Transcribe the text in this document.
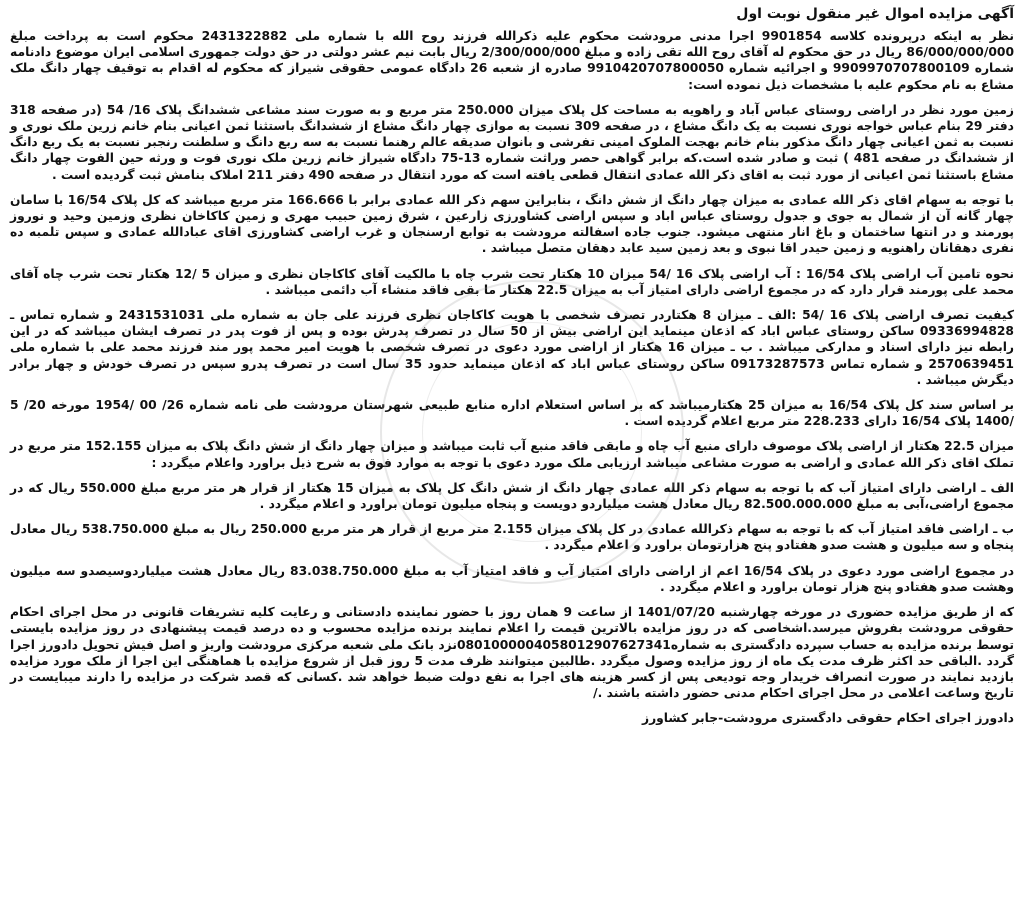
آگهی مزایده اموال غیر منقول نوبت اول

نظر به اینکه درپرونده کلاسه 9901854 اجرا مدنی مرودشت محکوم علیه ذکرالله فرزند روح الله با شماره ملی 2431322882 محکوم است به پرداخت مبلغ 86/000/000/000 ریال در حق محکوم له آقای روح الله تقی زاده و مبلغ 2/300/000/000 ریال بابت نیم عشر دولتی در حق دولت جمهوری اسلامی ایران موضوع دادنامه شماره 9909970707800109 و اجرائیه شماره 9910420707800050 صادره از شعبه 26 دادگاه عمومی حقوقی شیراز که محکوم له اقدام به توقیف چهار دانگ ملک مشاع به نام محکوم علیه با مشخصات ذیل نموده است:

زمین مورد نظر در اراضی روستای عباس آباد و راهویه به مساحت کل پلاک میزان 250.000 متر مربع و به صورت سند مشاعی ششدانگ پلاک 16/ 54 (در صفحه 318 دفتر 29 بنام عباس خواجه نوری نسبت به یک دانگ مشاع ، در صفحه 309 نسبت به موازی چهار دانگ مشاع از ششدانگ باستثنا ثمن اعیانی بنام خانم زرین ملک نوری و نسبت به ثمن اعیانی چهار دانگ مذکور بنام خانم بهجت الملوک امینی تفرشی و بانوان صدیقه عالم رهنما نسبت به سه ربع دانگ و سلطنت رنجبر نسبت به یک ربع دانگ از ششدانگ در صفحه 481 ) ثبت و صادر شده است.که برابر گواهی حصر وراثت شماره 13-75 دادگاه شیراز خانم زرین ملک نوری فوت و ورثه حین الفوت چهار دانگ مشاع باستثنا ثمن اعیانی از مورد ثبت به اقای ذکر الله عمادی انتقال قطعی یافته است که مورد انتقال در صفحه 490 دفتر 211 املاک بنامش ثبت گردیده است .

با توجه به سهام اقای ذکر الله عمادی به میزان چهار دانگ از شش دانگ ، بنابراین سهم ذکر الله عمادی برابر با 166.666 متر مربع میباشد که کل پلاک 16/54 با سامان چهار گانه آن از شمال به جوی و جدول روستای عباس اباد و سپس اراضی کشاورزی زارعین ، شرق زمین حبیب مهری و زمین کاکاخان نظری وزمین وحید و نوروز پورمند و در انتها ساختمان و باغ انار منتهی میشود. جنوب جاده اسفالته مرودشت به توابع ارسنجان و غرب اراضی کشاورزی اقای عبادالله عمادی و سپس تلمبه ده نفری دهقانان راهنویه و زمین حیدر اقا نبوی و بعد زمین سید عابد دهقان متصل میباشد .

نحوه تامین آب اراضی پلاک 16/54 : آب اراضی پلاک 16 /54 میزان 10 هکتار تحت شرب چاه با مالکیت آقای کاکاجان نظری و میزان 5 /12 هکتار تحت شرب چاه آقای محمد علی پورمند قرار دارد که در مجموع اراضی دارای امتیاز آب به میزان 22.5 هکتار ما بقی فاقد منشاء آب دائمی میباشد .

کیفیت تصرف اراضی پلاک 16 /54 :الف ـ میزان 8 هکتاردر تصرف شخصی با هویت کاکاجان نظری فرزند علی جان به شماره ملی 2431531031 و شماره تماس ـ 09336994828 ساکن روستای عباس اباد که اذعان مینماید این اراضی بیش از 50 سال در تصرف پدرش بوده و پس از فوت پدر در تصرف ایشان میباشد که در این رابطه نیز دارای اسناد و مدارکی میباشد . ب ـ میزان 16 هکتار از اراضی مورد دعوی در تصرف شخصی با هویت امیر محمد پور مند فرزند محمد علی با شماره ملی 2570639451 و شماره تماس 09173287573 ساکن روستای عباس اباد که اذعان مینماید حدود 35 سال است در تصرف پدرو سپس در تصرف خودش و چهار برادر دیگرش میباشد .

بر اساس سند کل پلاک 16/54 به میزان 25 هکتارمیباشد که بر اساس استعلام اداره منابع طبیعی شهرستان مرودشت طی نامه شماره 26/ 00 /1954 مورخه 20/ 5 /1400 پلاک 16/54 دارای 228.233 متر مربع اعلام گردیده است .

میزان 22.5 هکتار از اراضی پلاک موصوف دارای منبع آب چاه و مابقی فاقد منبع آب ثابت میباشد و میزان چهار دانگ از شش دانگ پلاک به میزان 152.155 متر مربع در تملک اقای ذکر الله عمادی و اراضی به صورت مشاعی میباشد ارزیابی ملک مورد دعوی با توجه به موارد فوق به شرح ذیل براورد واعلام میگردد :

الف ـ اراضی دارای امتیاز آب که با توجه به سهام ذکر الله عمادی چهار دانگ از شش دانگ کل پلاک به میزان 15 هکتار از قرار هر متر مربع مبلغ 550.000 ریال که در مجموع اراضی،آبی به مبلغ 82.500.000.000 ریال معادل هشت میلیاردو دویست و پنجاه میلیون تومان براورد و اعلام میگردد .

ب ـ اراضی فاقد امتیاز آب که با توجه به سهام ذکرالله عمادی در کل پلاک میزان 2.155 متر مربع از قرار هر متر مربع 250.000 ریال به مبلغ 538.750.000 ریال معادل پنجاه و سه میلیون و هشت صدو هفتادو پنج هزارتومان براورد و اعلام میگردد .

در مجموع اراضی مورد دعوی در پلاک 16/54 اعم از اراضی دارای امتیاز آب و فاقد امتیاز آب به مبلغ 83.038.750.000 ریال معادل هشت میلیاردوسیصدو سه میلیون وهشت صدو هفتادو پنج هزار تومان براورد و اعلام میگردد .

که از طریق مزایده حضوری در مورخه چهارشنبه 1401/07/20 از ساعت 9 همان روز با حضور نماینده دادستانی و رعایت کلیه تشریفات قانونی در محل اجرای احکام حقوقی مرودشت بفروش میرسد.اشخاصی که در روز مزایده بالاترین قیمت را اعلام نمایند برنده مزایده محسوب و ده درصد قیمت پیشنهادی در روز مزایده بایستی توسط برنده مزایده به حساب سپرده دادگستری به شماره0801000004058012907627341نزد بانک ملی شعبه مرکزی مرودشت واریز و اصل فیش تحویل دادورز اجرا گردد .الباقی حد اکثر ظرف مدت یک ماه از روز مزایده وصول میگردد .طالبین میتوانند ظرف مدت 5 روز قبل از شروع مزایده با هماهنگی این اجرا از ملک مورد مزایده بازدید نمایند در صورت انصراف خریدار وجه تودیعی پس از کسر هزینه های اجرا به نفع دولت ضبط خواهد شد .کسانی که قصد شرکت در مزایده را دارند میبایست در تاریخ وساعت اعلامی در محل اجرای احکام مدنی حضور داشته باشند ./

دادورز اجرای احکام حقوقی دادگستری مرودشت-جابر کشاورز
